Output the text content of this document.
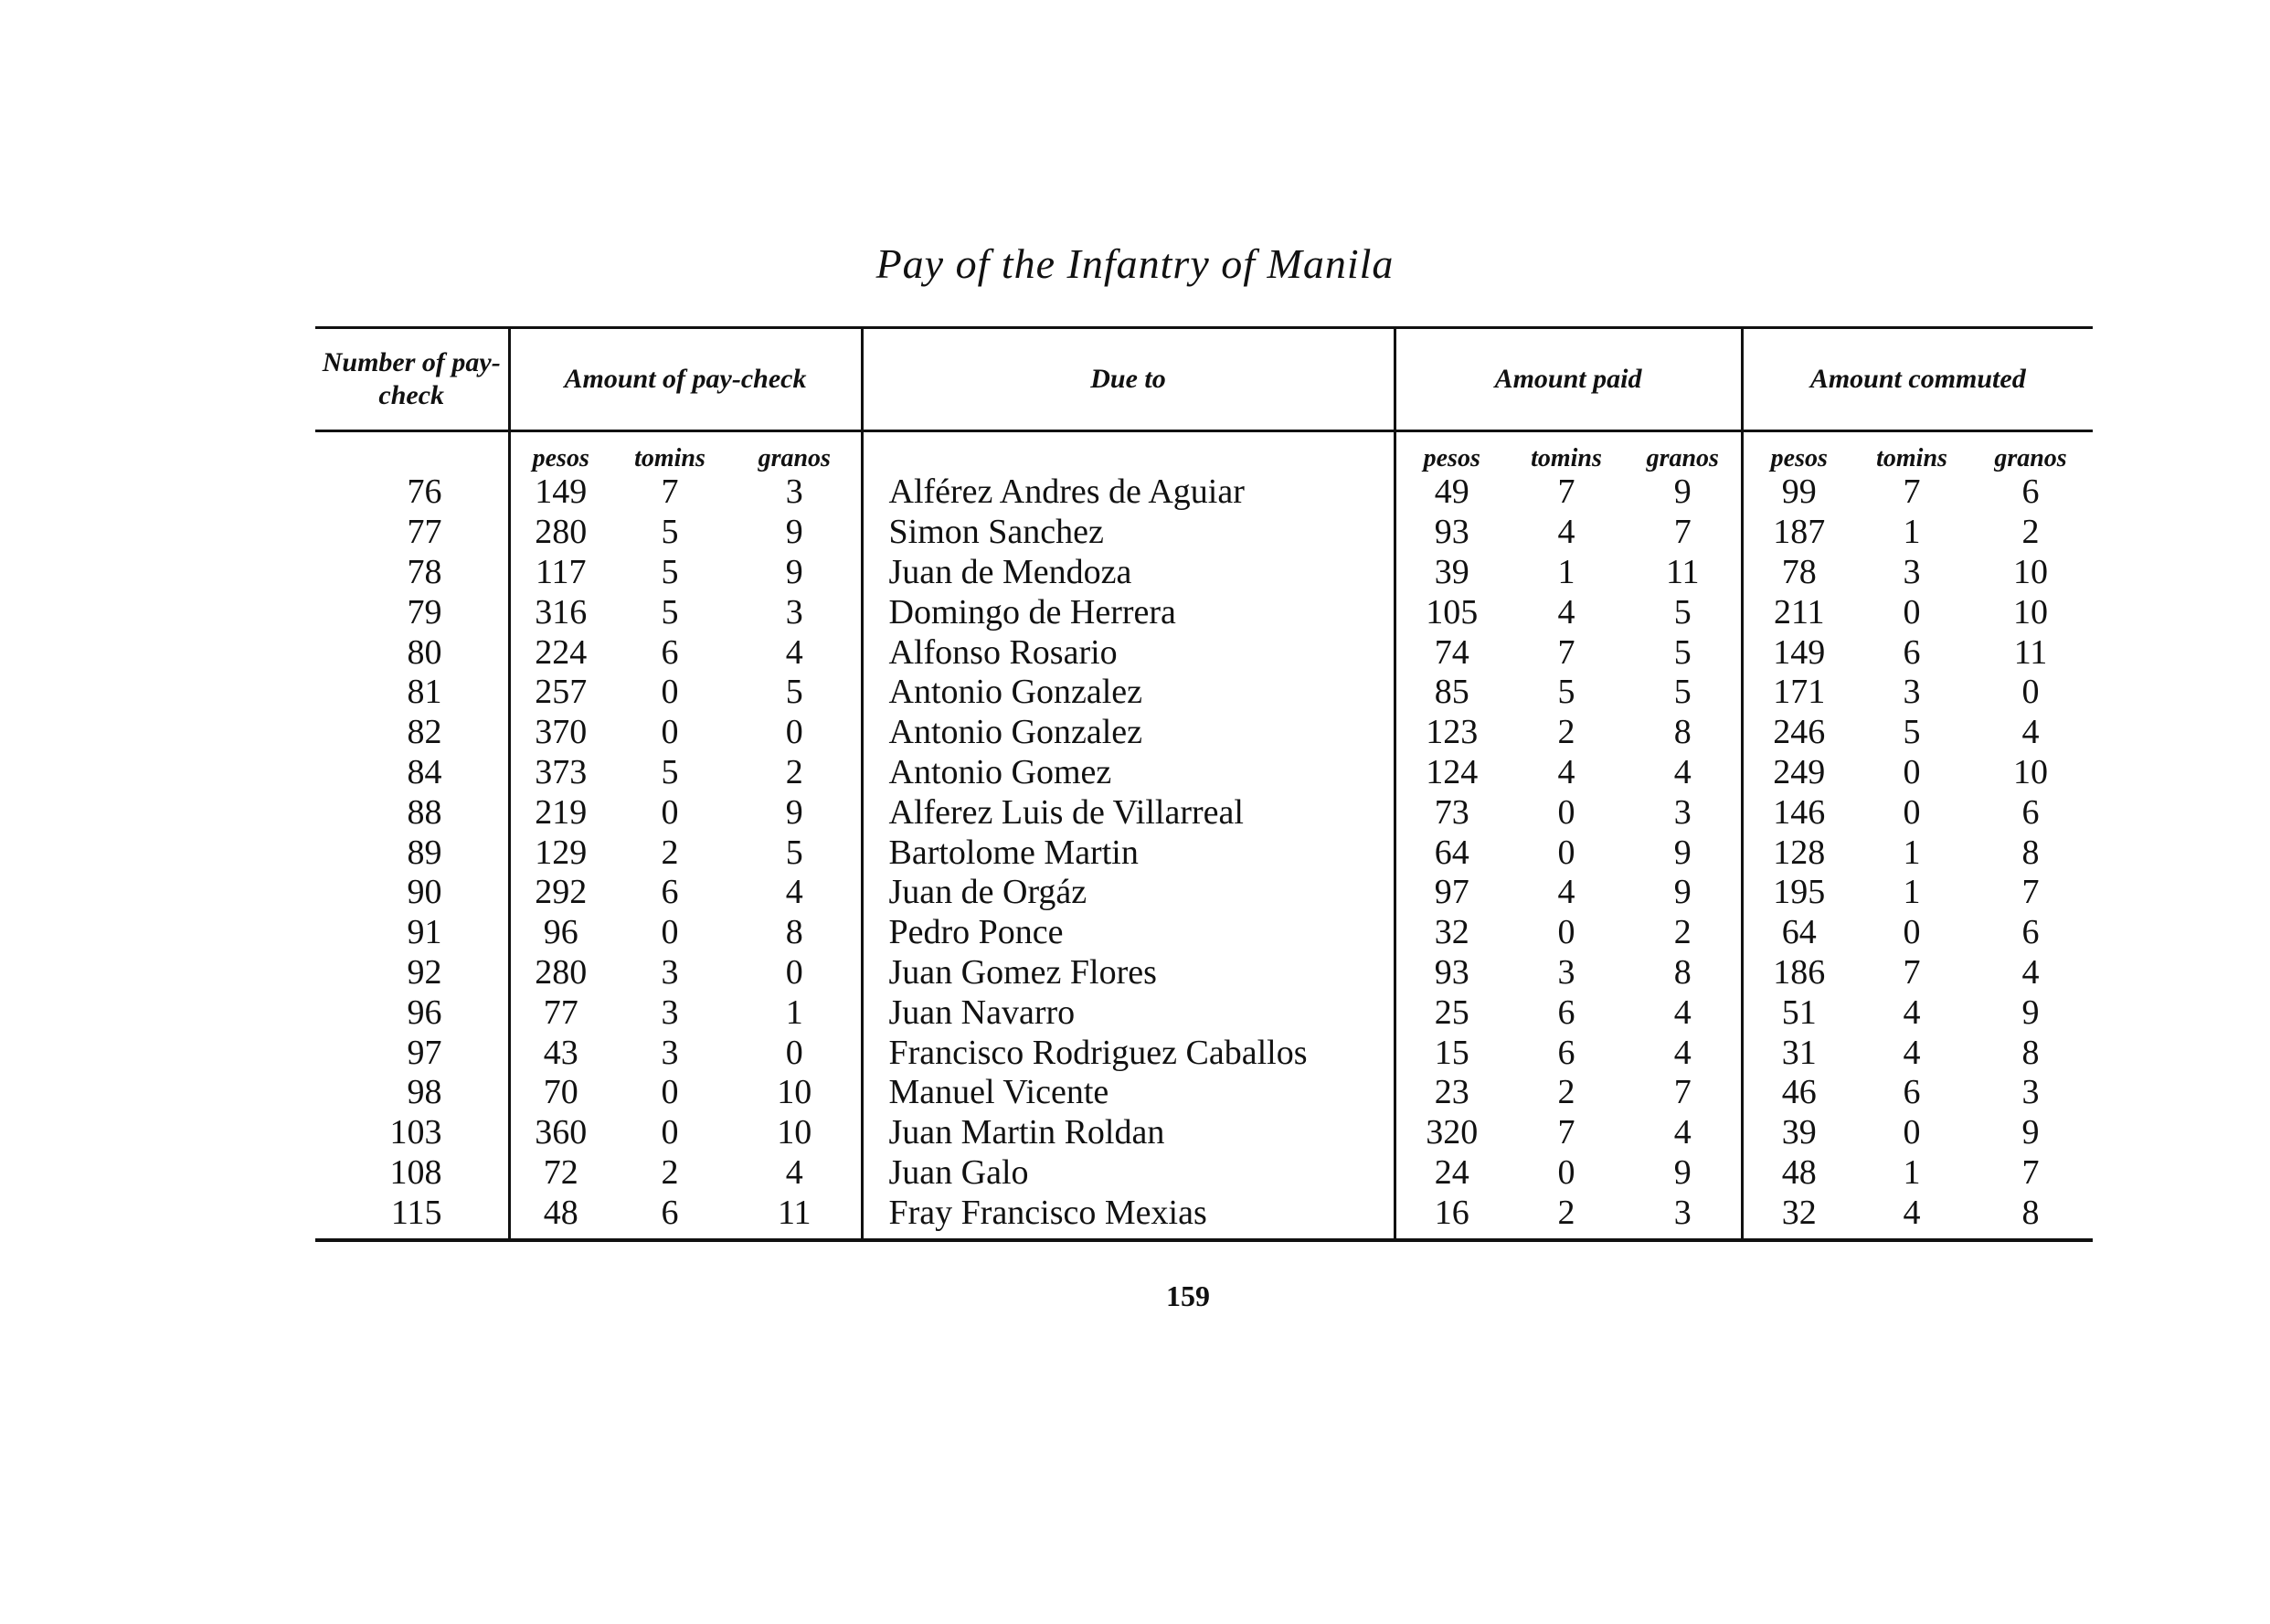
Pay of the Infantry of Manila
Number of pay-check	Amount of pay-check			Due to	Amount paid			Amount commuted		
	pesos	tomins	granos		pesos	tomins	granos	pesos	tomins	granos
76	149	7	3	Alférez Andres de Aguiar	49	7	9	99	7	6
77	280	5	9	Simon Sanchez	93	4	7	187	1	2
78	117	5	9	Juan de Mendoza	39	1	11	78	3	10
79	316	5	3	Domingo de Herrera	105	4	5	211	0	10
80	224	6	4	Alfonso Rosario	74	7	5	149	6	11
81	257	0	5	Antonio Gonzalez	85	5	5	171	3	0
82	370	0	0	Antonio Gonzalez	123	2	8	246	5	4
84	373	5	2	Antonio Gomez	124	4	4	249	0	10
88	219	0	9	Alferez Luis de Villarreal	73	0	3	146	0	6
89	129	2	5	Bartolome Martin	64	0	9	128	1	8
90	292	6	4	Juan de Orgáz	97	4	9	195	1	7
91	96	0	8	Pedro Ponce	32	0	2	64	0	6
92	280	3	0	Juan Gomez Flores	93	3	8	186	7	4
96	77	3	1	Juan Navarro	25	6	4	51	4	9
97	43	3	0	Francisco Rodriguez Caballos	15	6	4	31	4	8
98	70	0	10	Manuel Vicente	23	2	7	46	6	3
103	360	0	10	Juan Martin Roldan	320	7	4	39	0	9
108	72	2	4	Juan Galo	24	0	9	48	1	7
115	48	6	11	Fray Francisco Mexias	16	2	3	32	4	8
159
